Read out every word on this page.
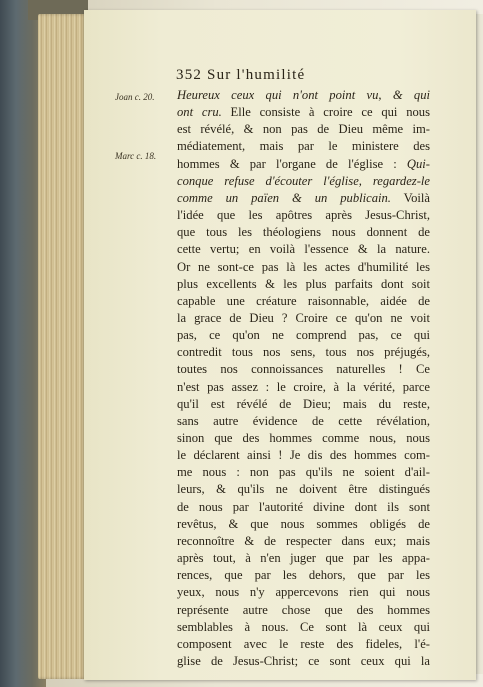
352 Sur l'humilité
Joan c. 20.
Marc c. 18.
Heureux ceux qui n'ont point vu, & qui
ont cru. Elle consiste à croire ce qui nous
est révélé, & non pas de Dieu même im-
médiatement, mais par le ministere des
hommes & par l'organe de l'église : Qui-
conque refuse d'écouter l'église, regardez-le
comme un païen & un publicain. Voilà
l'idée que les apôtres après Jesus-Christ,
que tous les théologiens nous donnent de
cette vertu; en voilà l'essence & la nature.
Or ne sont-ce pas là les actes d'humilité les
plus excellents & les plus parfaits dont soit
capable une créature raisonnable, aidée de
la grace de Dieu ? Croire ce qu'on ne voit
pas, ce qu'on ne comprend pas, ce qui
contredit tous nos sens, tous nos préjugés,
toutes nos connoissances naturelles ! Ce
n'est pas assez : le croire, à la vérité, parce
qu'il est révélé de Dieu; mais du reste,
sans autre évidence de cette révélation,
sinon que des hommes comme nous, nous
le déclarent ainsi ! Je dis des hommes com-
me nous : non pas qu'ils ne soient d'ail-
leurs, & qu'ils ne doivent être distingués
de nous par l'autorité divine dont ils sont
revêtus, & que nous sommes obligés de
reconnoître & de respecter dans eux; mais
après tout, à n'en juger que par les appa-
rences, que par les dehors, que par les
yeux, nous n'y appercevons rien qui nous
représente autre chose que des hommes
semblables à nous. Ce sont là ceux qui
composent avec le reste des fideles, l'é-
glise de Jesus-Christ; ce sont ceux qui la
